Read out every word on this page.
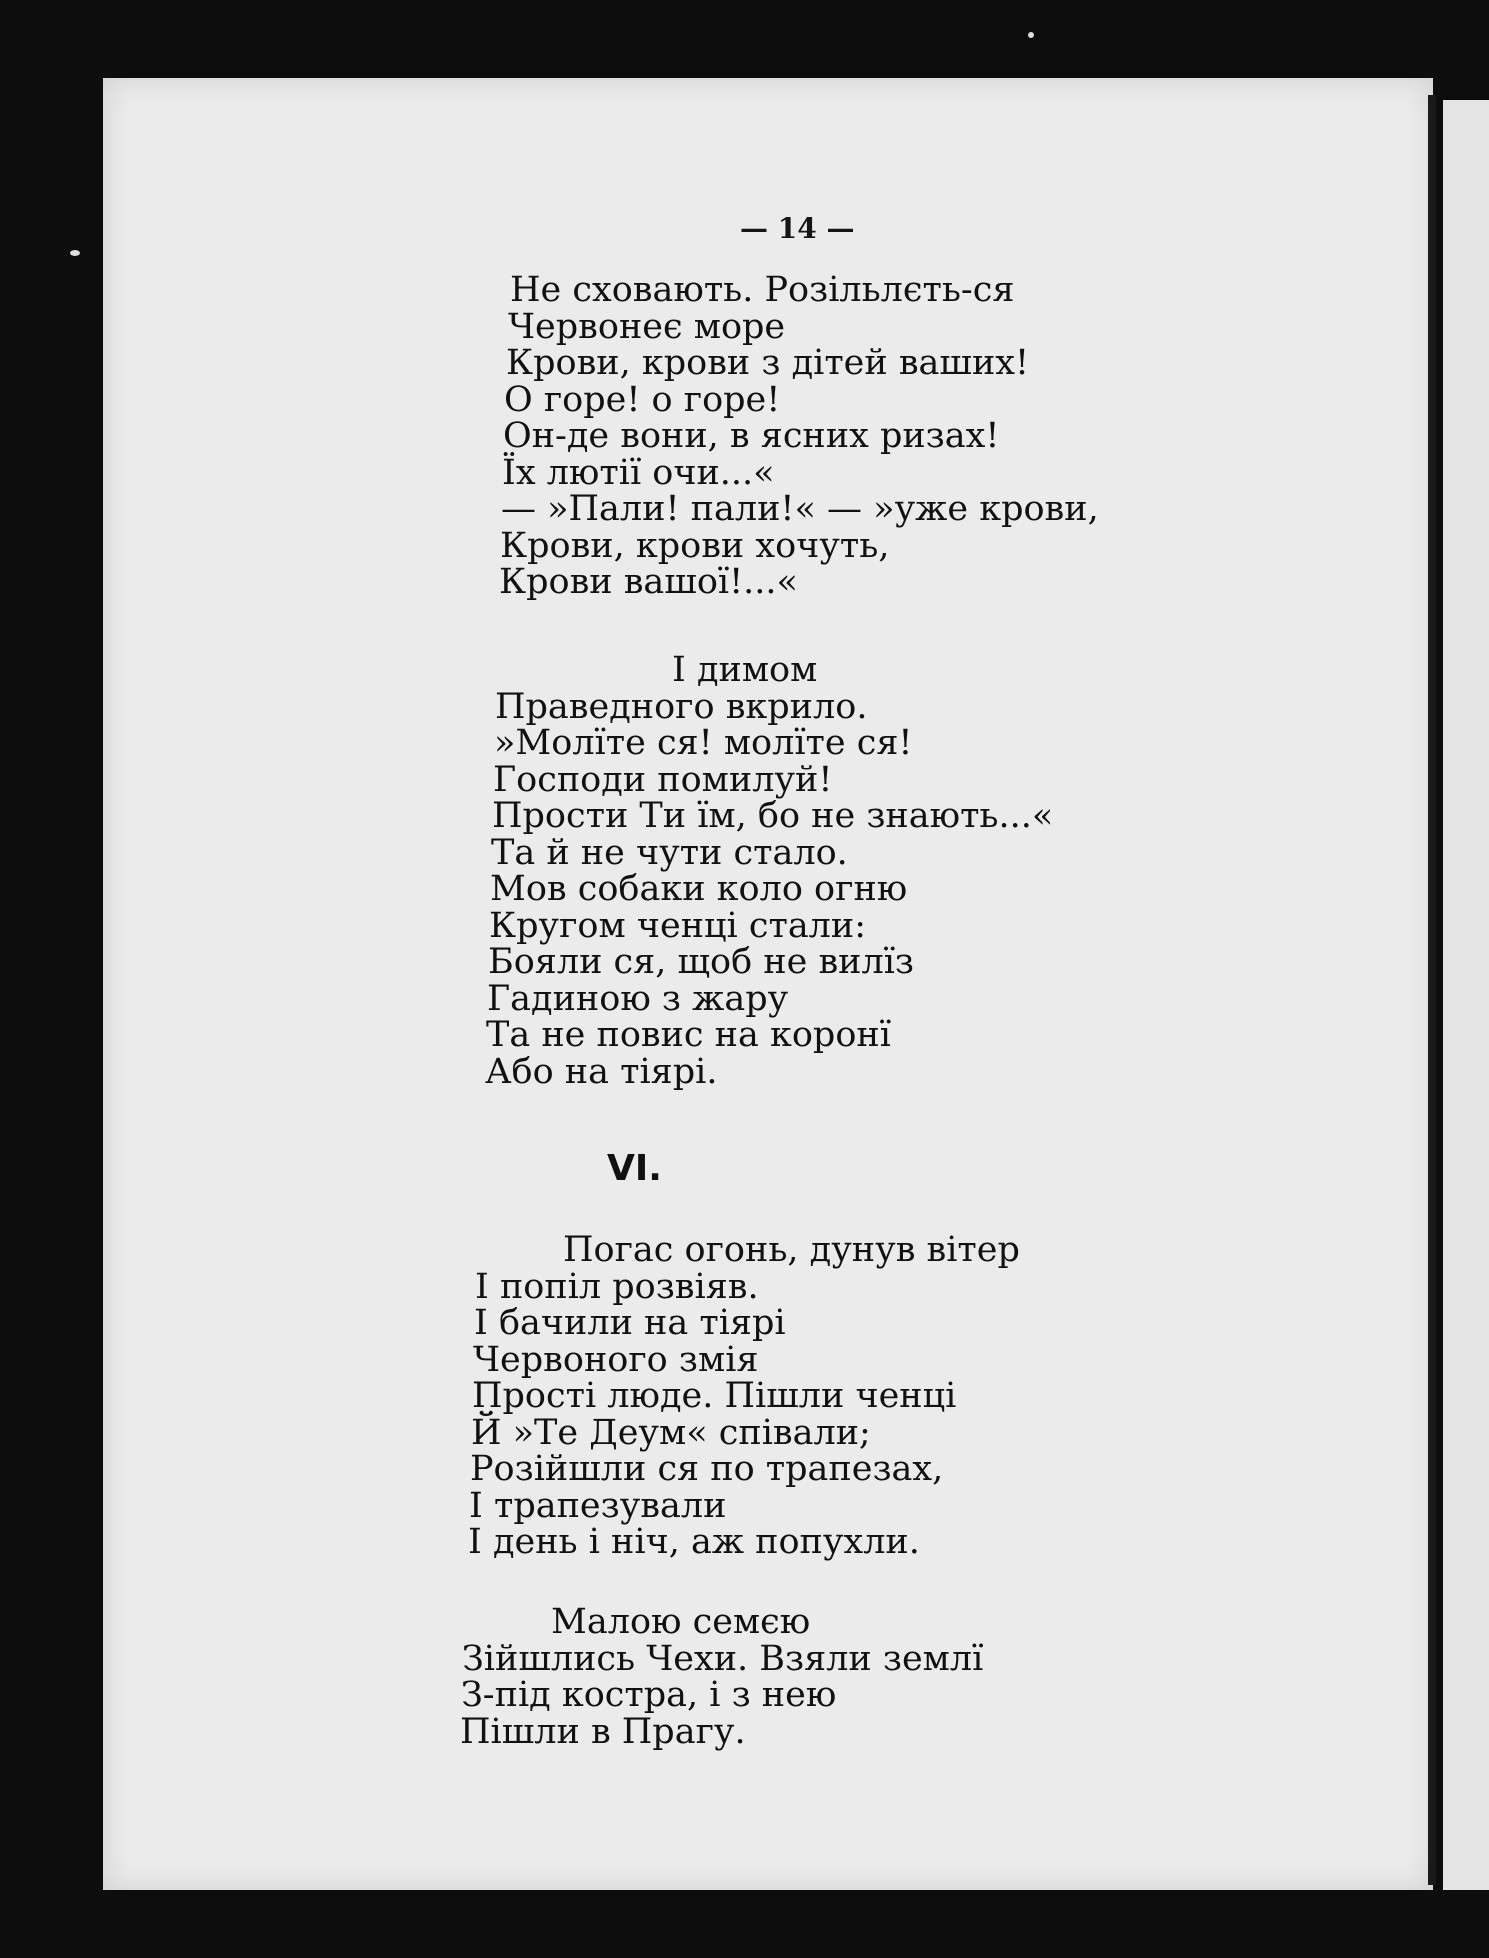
— 14 —
Не сховають. Розільлєть-ся
Червонеє море
Крови, крови з дітей ваших!
О горе! о горе!
Он-де вони, в ясних ризах!
Їх лютії очи...«
— »Пали! пали!« — »уже крови,
Крови, крови хочуть,
Крови вашої!...«
І димом
Праведного вкрило.
»Молїте ся! молїте ся!
Господи помилуй!
Прости Ти їм, бо не знають...«
Та й не чути стало.
Мов собаки коло огню
Кругом ченці стали:
Бояли ся, щоб не вилїз
Гадиною з жару
Та не повис на коронї
Або на тіярі.
VI.
Погас огонь, дунув вітер
І попіл розвіяв.
І бачили на тіярі
Червоного змія
Прості люде. Пішли ченці
Й »Те Деум« співали;
Розійшли ся по трапезах,
І трапезували
І день і ніч, аж попухли.
Малою семєю
Зійшлись Чехи. Взяли землї
З-під костра, і з нею
Пішли в Прагу.
